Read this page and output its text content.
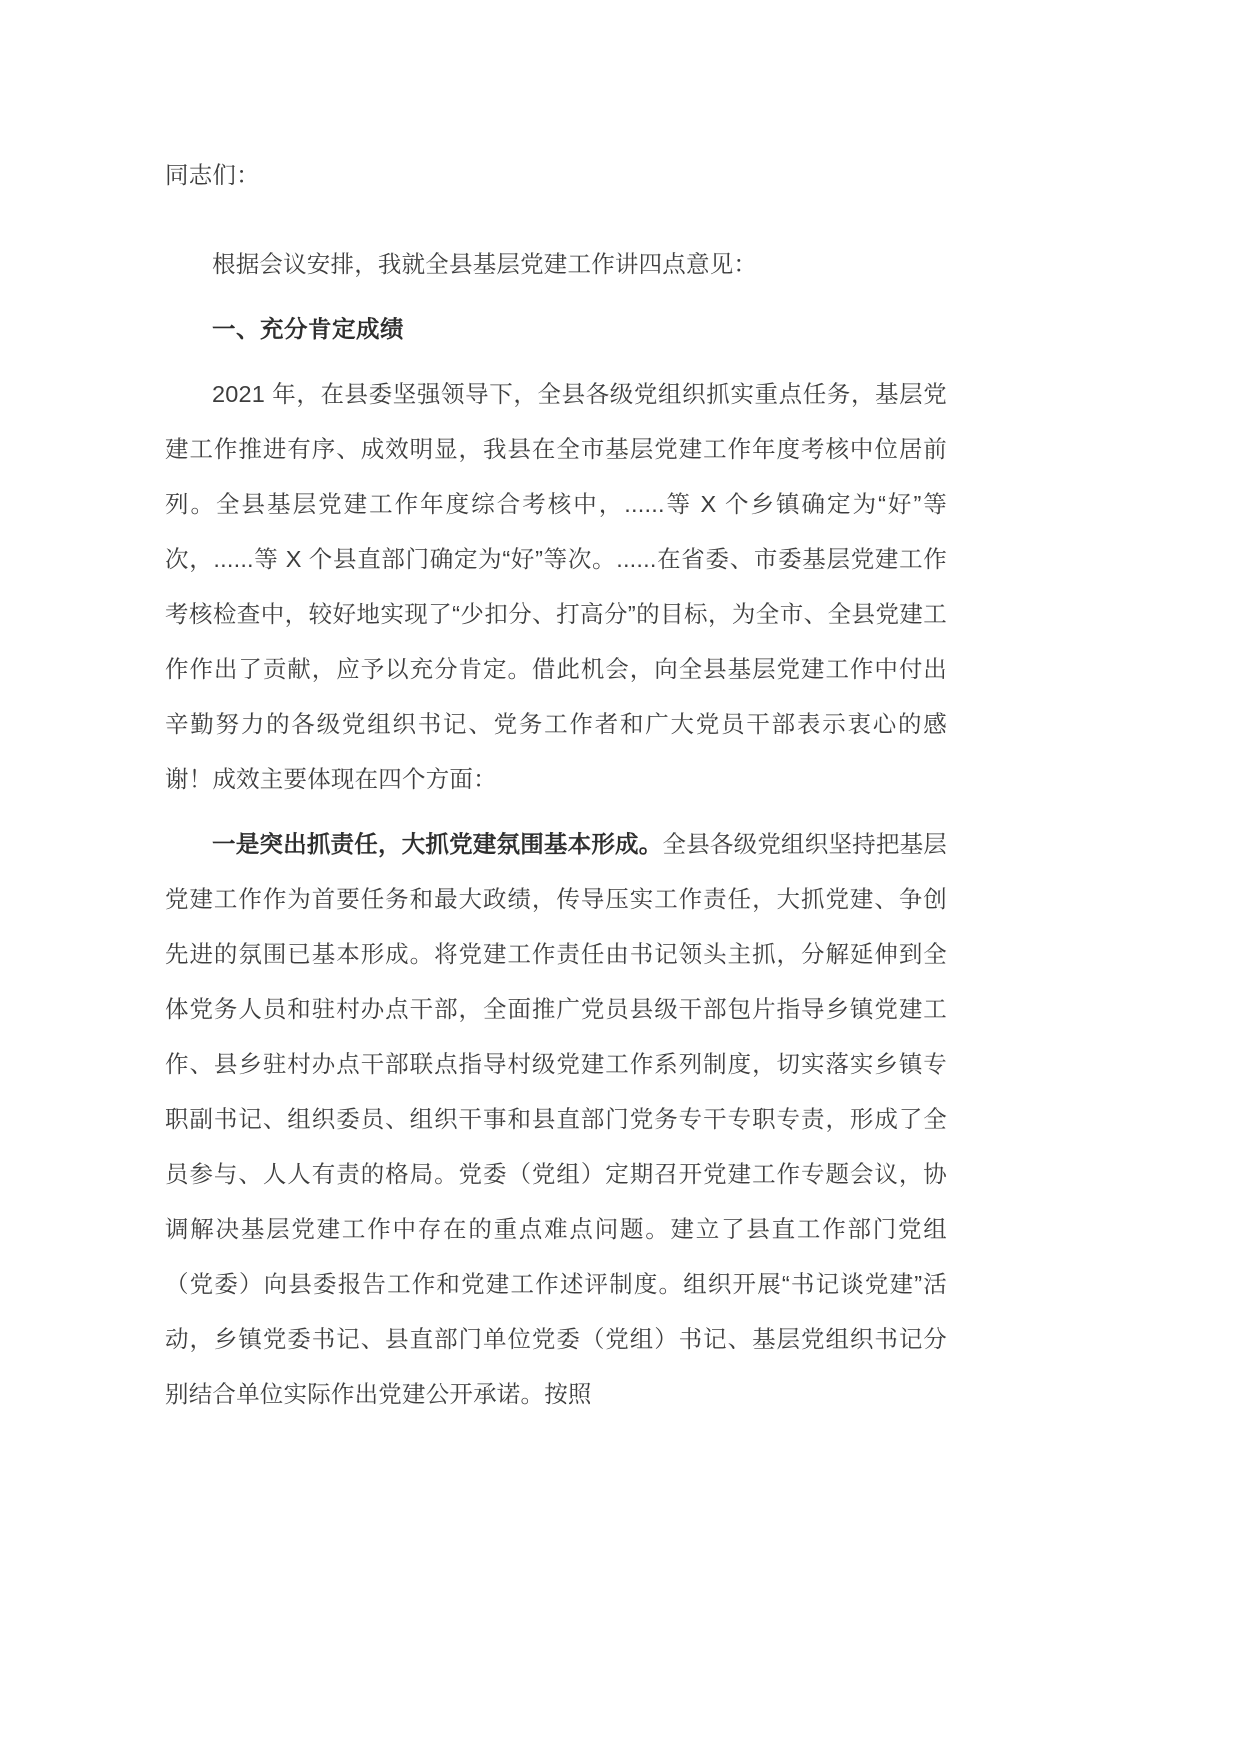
同志们：

根据会议安排，我就全县基层党建工作讲四点意见：

一、充分肯定成绩

2021 年，在县委坚强领导下，全县各级党组织抓实重点任务，基层党建工作推进有序、成效明显，我县在全市基层党建工作年度考核中位居前列。全县基层党建工作年度综合考核中，......等 X 个乡镇确定为“好”等次，......等 X 个县直部门确定为“好”等次。......在省委、市委基层党建工作考核检查中，较好地实现了“少扣分、打高分”的目标，为全市、全县党建工作作出了贡献，应予以充分肯定。借此机会，向全县基层党建工作中付出辛勤努力的各级党组织书记、党务工作者和广大党员干部表示衷心的感谢！成效主要体现在四个方面：

一是突出抓责任，大抓党建氛围基本形成。全县各级党组织坚持把基层党建工作作为首要任务和最大政绩，传导压实工作责任，大抓党建、争创先进的氛围已基本形成。将党建工作责任由书记领头主抓，分解延伸到全体党务人员和驻村办点干部，全面推广党员县级干部包片指导乡镇党建工作、县乡驻村办点干部联点指导村级党建工作系列制度，切实落实乡镇专职副书记、组织委员、组织干事和县直部门党务专干专职专责，形成了全员参与、人人有责的格局。党委（党组）定期召开党建工作专题会议，协调解决基层党建工作中存在的重点难点问题。建立了县直工作部门党组（党委）向县委报告工作和党建工作述评制度。组织开展“书记谈党建”活动，乡镇党委书记、县直部门单位党委（党组）书记、基层党组织书记分别结合单位实际作出党建公开承诺。按照
